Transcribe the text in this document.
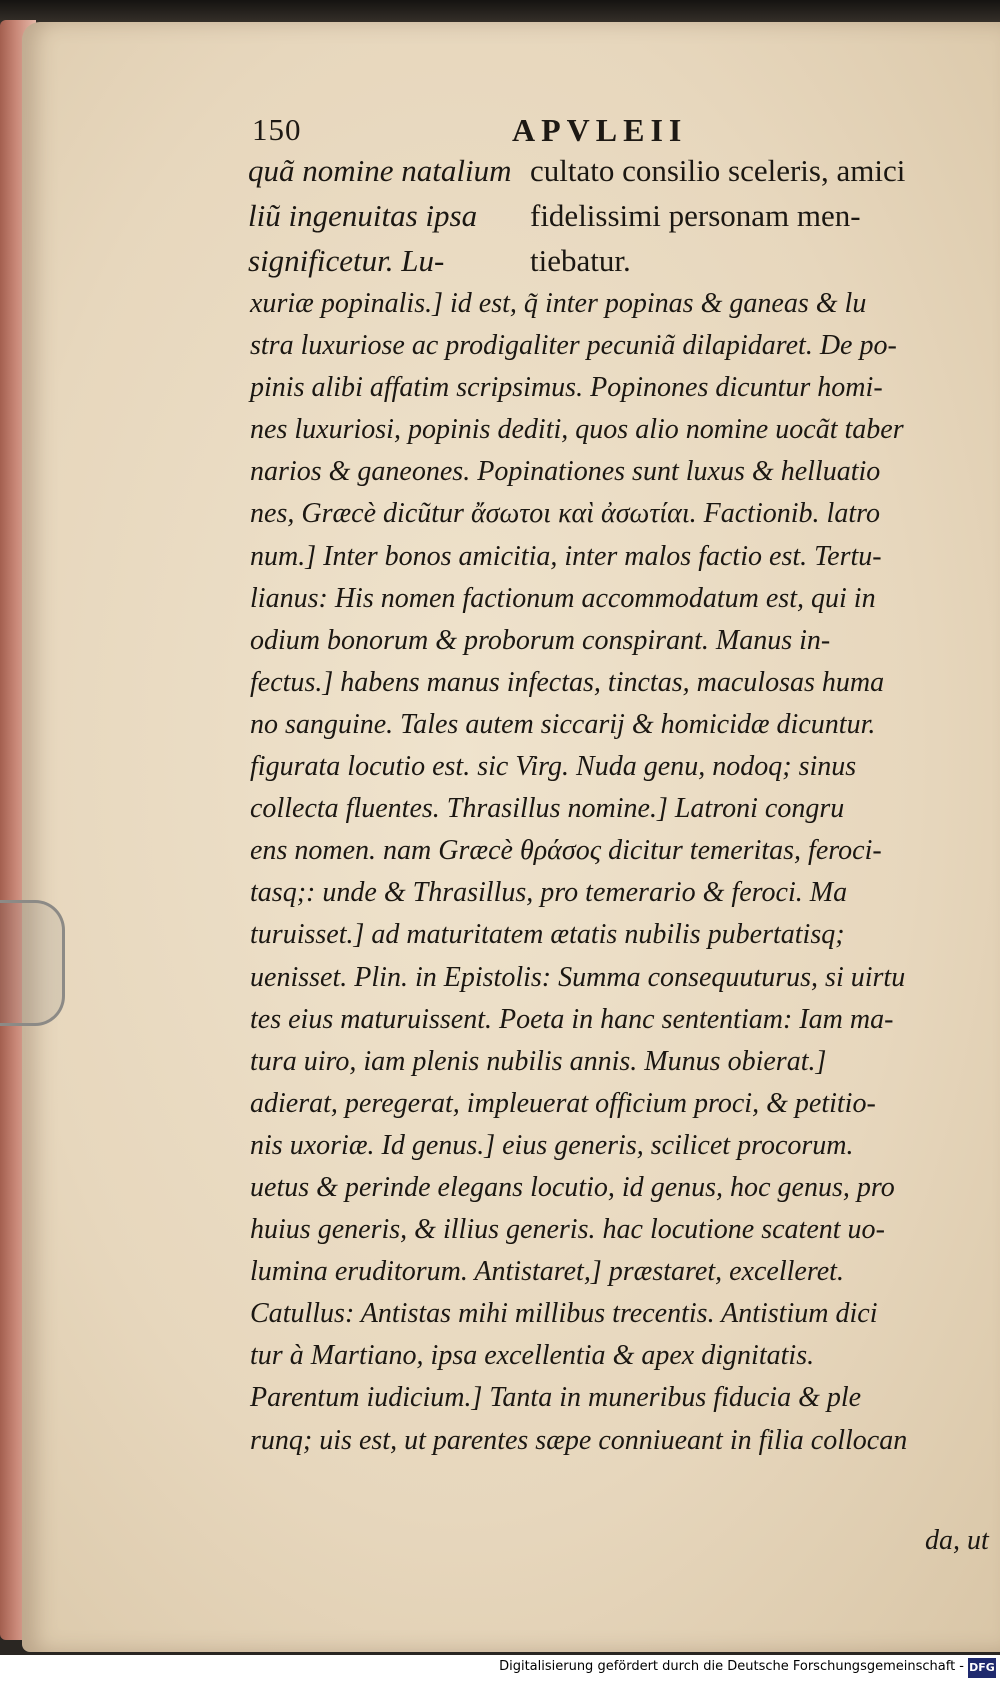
150	APVLEII
quã nomine natalium
liũ ingenuitas ipsa
significetur. Lu-
cultato consilio sceleris, amici
fidelissimi personam men-
tiebatur.
xuriæ popinalis.] id est, q̃ inter popinas & ganeas & lu
stra luxuriose ac prodigaliter pecuniã dilapidaret. De po-
pinis alibi affatim scripsimus. Popinones dicuntur homi-
nes luxuriosi, popinis dediti, quos alio nomine uocãt taber
narios & ganeones. Popinationes sunt luxus & helluatio
nes, Græcè dicũtur ἄσωτοι καὶ ἀσωτίαι. Factionib. latro
num.] Inter bonos amicitia, inter malos factio est. Tertu-
lianus: His nomen factionum accommodatum est, qui in
odium bonorum & proborum conspirant. Manus in-
fectus.] habens manus infectas, tinctas, maculosas huma
no sanguine. Tales autem siccarij & homicidæ dicuntur.
figurata locutio est. sic Virg. Nuda genu, nodoq; sinus
collecta fluentes. Thrasillus nomine.] Latroni congru
ens nomen. nam Græcè θράσος dicitur temeritas, feroci-
tasq;: unde & Thrasillus, pro temerario & feroci. Ma
turuisset.] ad maturitatem ætatis nubilis pubertatisq;
uenisset. Plin. in Epistolis: Summa consequuturus, si uirtu
tes eius maturuissent. Poeta in hanc sententiam: Iam ma-
tura uiro, iam plenis nubilis annis. Munus obierat.]
adierat, peregerat, impleuerat officium proci, & petitio-
nis uxoriæ. Id genus.] eius generis, scilicet procorum.
uetus & perinde elegans locutio, id genus, hoc genus, pro
huius generis, & illius generis. hac locutione scatent uo-
lumina eruditorum. Antistaret,] præstaret, excelleret.
Catullus: Antistas mihi millibus trecentis. Antistium dici
tur à Martiano, ipsa excellentia & apex dignitatis.
Parentum iudicium.] Tanta in muneribus fiducia & ple
runq; uis est, ut parentes sæpe conniueant in filia collocan
da, ut
Digitalisierung gefördert durch die Deutsche Forschungsgemeinschaft - DFG
